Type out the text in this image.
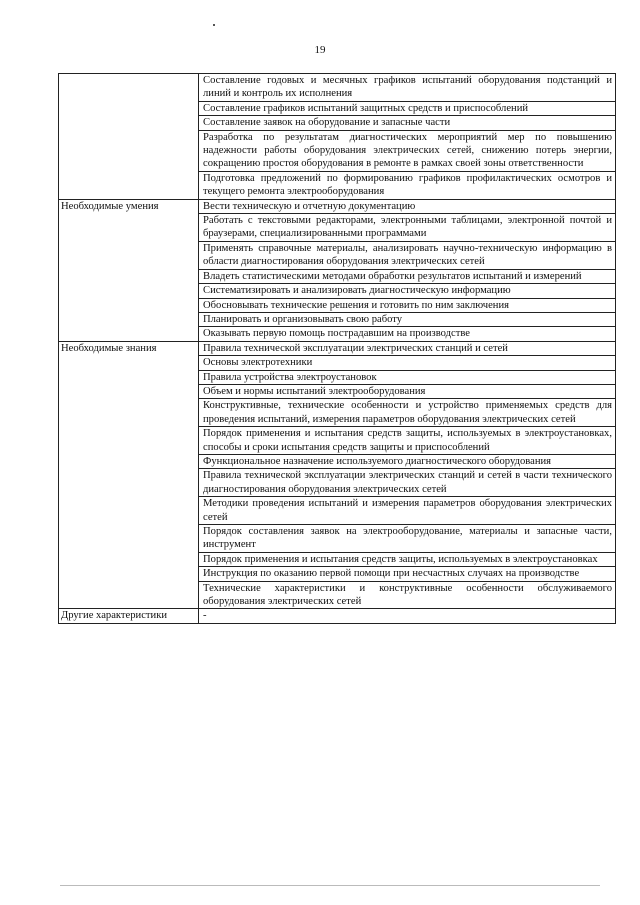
19
	Составление годовых и месячных графиков испытаний оборудования подстанций и линий и контроль их исполнения
	Составление графиков испытаний защитных средств и приспособлений
	Составление заявок на оборудование и запасные части
	Разработка по результатам диагностических мероприятий мер по повышению надежности работы оборудования электрических сетей, снижению потерь энергии, сокращению простоя оборудования в ремонте в рамках своей зоны ответственности
	Подготовка предложений по формированию графиков профилактических осмотров и текущего ремонта электрооборудования
Необходимые умения	Вести техническую и отчетную документацию
	Работать с текстовыми редакторами, электронными таблицами, электронной почтой и браузерами, специализированными программами
	Применять справочные материалы, анализировать научно-техническую информацию в области диагностирования оборудования электрических сетей
	Владеть статистическими методами обработки результатов испытаний и измерений
	Систематизировать и анализировать диагностическую информацию
	Обосновывать технические решения и готовить по ним заключения
	Планировать и организовывать свою работу
	Оказывать первую помощь пострадавшим на производстве
Необходимые знания	Правила технической эксплуатации электрических станций и сетей
	Основы электротехники
	Правила устройства электроустановок
	Объем и нормы испытаний электрооборудования
	Конструктивные, технические особенности и устройство применяемых средств для проведения испытаний, измерения параметров оборудования электрических сетей
	Порядок применения и испытания средств защиты, используемых в электроустановках, способы и сроки испытания средств защиты и приспособлений
	Функциональное назначение используемого диагностического оборудования
	Правила технической эксплуатации электрических станций и сетей в части технического диагностирования оборудования электрических сетей
	Методики проведения испытаний и измерения параметров оборудования электрических сетей
	Порядок составления заявок на электрооборудование, материалы и запасные части, инструмент
	Порядок применения и испытания средств защиты, используемых в электроустановках
	Инструкция по оказанию первой помощи при несчастных случаях на производстве
	Технические характеристики и конструктивные особенности обслуживаемого оборудования электрических сетей
Другие характеристики	-
